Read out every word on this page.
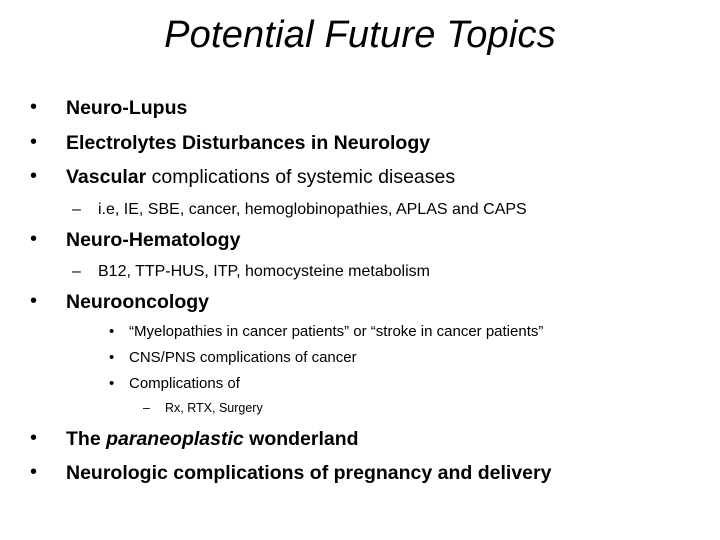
Potential Future Topics
• Neuro-Lupus
• Electrolytes Disturbances in Neurology
• Vascular complications of systemic diseases
– i.e, IE, SBE, cancer, hemoglobinopathies, APLAS and CAPS
• Neuro-Hematology
– B12, TTP-HUS, ITP, homocysteine metabolism
• Neurooncology
• “Myelopathies in cancer patients” or “stroke in cancer patients”
• CNS/PNS complications of cancer
• Complications of
– Rx, RTX, Surgery
• The paraneoplastic wonderland
• Neurologic complications of pregnancy and delivery
